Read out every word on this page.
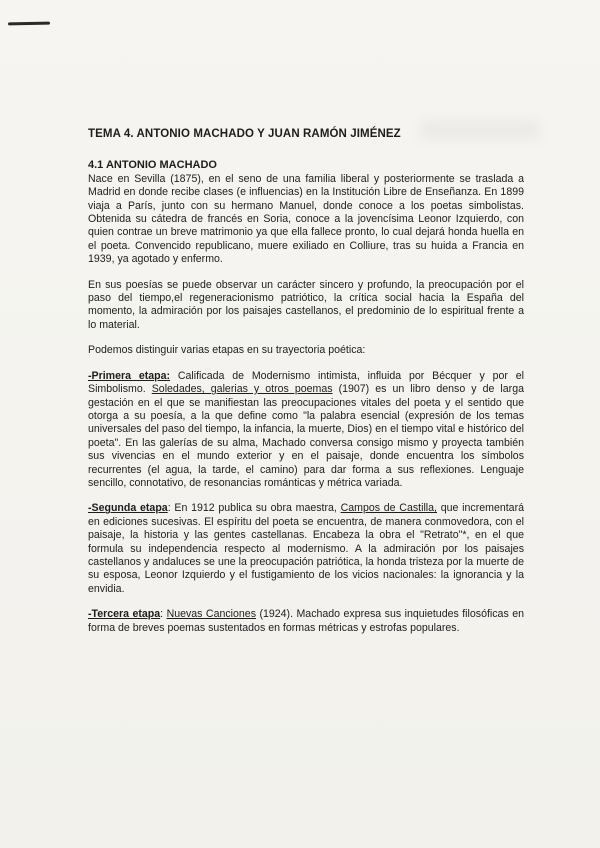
TEMA 4. ANTONIO MACHADO Y JUAN RAMÓN JIMÉNEZ
4.1 ANTONIO MACHADO

Nace en Sevilla (1875), en el seno de una familia liberal y posteriormente se traslada a Madrid en donde recibe clases (e influencias) en la Institución Libre de Enseñanza. En 1899 viaja a París, junto con su hermano Manuel, donde conoce a los poetas simbolistas. Obtenida su cátedra de francés en Soria, conoce a la jovencísima Leonor Izquierdo, con quien contrae un breve matrimonio ya que ella fallece pronto, lo cual dejará honda huella en el poeta. Convencido republicano, muere exiliado en Colliure, tras su huida a Francia en 1939, ya agotado y enfermo.

En sus poesías se puede observar un carácter sincero y profundo, la preocupación por el paso del tiempo,el regeneracionismo patriótico, la crítica social hacia la España del momento, la admiración por los paisajes castellanos, el predominio de lo espiritual frente a lo material.

Podemos distinguir varias etapas en su trayectoria poética:

-Primera etapa: Calificada de Modernismo intimista, influida por Bécquer y por el Simbolismo. Soledades, galerias y otros poemas (1907) es un libro denso y de larga gestación en el que se manifiestan las preocupaciones vitales del poeta y el sentido que otorga a su poesía, a la que define como "la palabra esencial (expresión de los temas universales del paso del tiempo, la infancia, la muerte, Dios) en el tiempo vital e histórico del poeta". En las galerías de su alma, Machado conversa consigo mismo y proyecta también sus vivencias en el mundo exterior y en el paisaje, donde encuentra los símbolos recurrentes (el agua, la tarde, el camino) para dar forma a sus reflexiones. Lenguaje sencillo, connotativo, de resonancias románticas y métrica variada.

-Segunda etapa: En 1912 publica su obra maestra, Campos de Castilla, que incrementará en ediciones sucesivas. El espíritu del poeta se encuentra, de manera conmovedora, con el paisaje, la historia y las gentes castellanas. Encabeza la obra el "Retrato"*, en el que formula su independencia respecto al modernismo. A la admiración por los paisajes castellanos y andaluces se une la preocupación patriótica, la honda tristeza por la muerte de su esposa, Leonor Izquierdo y el fustigamiento de los vicios nacionales: la ignorancia y la envidia.

-Tercera etapa: Nuevas Canciones (1924). Machado expresa sus inquietudes filosóficas en forma de breves poemas sustentados en formas métricas y estrofas populares.
